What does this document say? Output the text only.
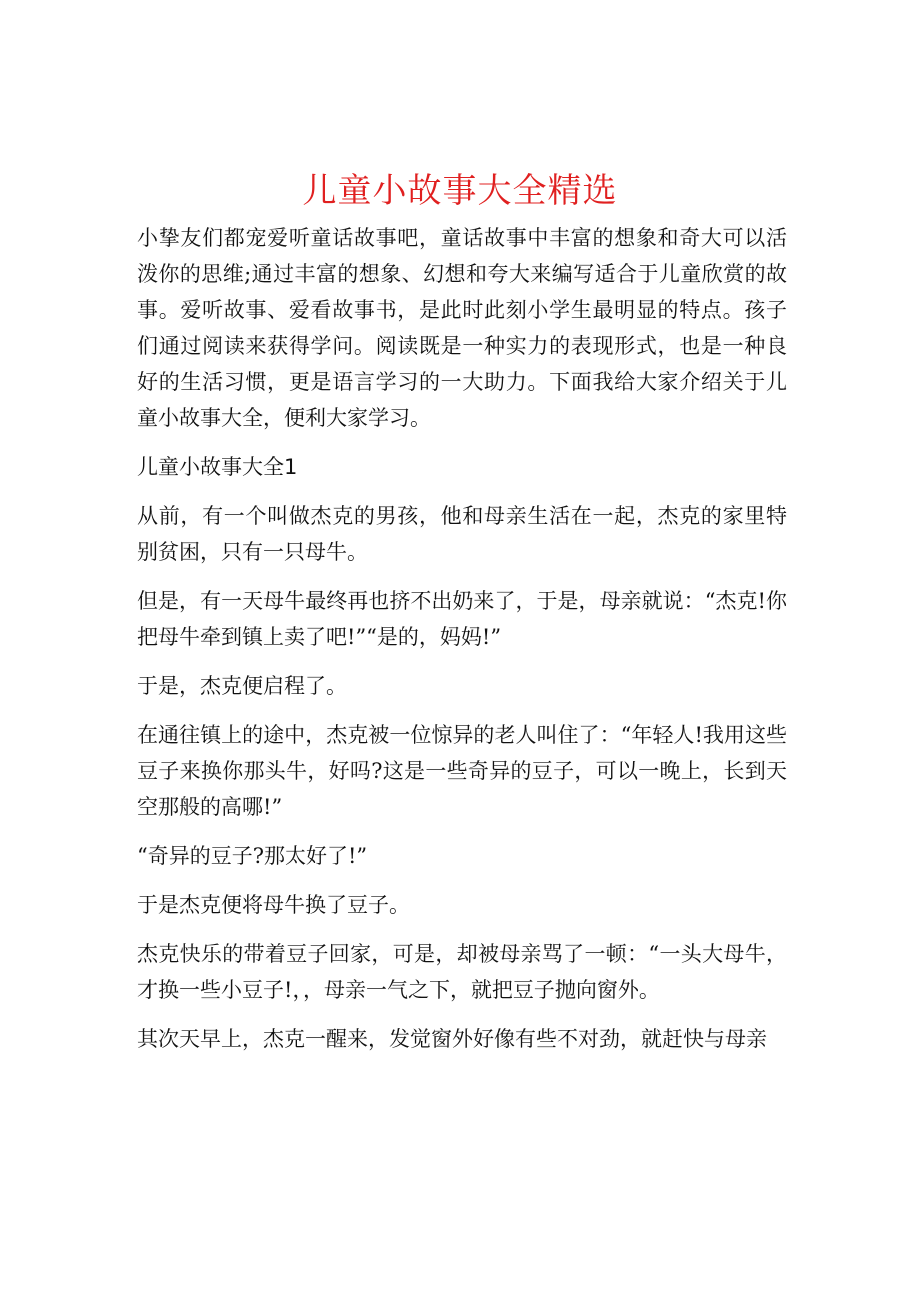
儿童小故事大全精选

小挚友们都宠爱听童话故事吧，童话故事中丰富的想象和奇大可以活泼你的思维;通过丰富的想象、幻想和夸大来编写适合于儿童欣赏的故事。爱听故事、爱看故事书，是此时此刻小学生最明显的特点。孩子们通过阅读来获得学问。阅读既是一种实力的表现形式，也是一种良好的生活习惯，更是语言学习的一大助力。下面我给大家介绍关于儿童小故事大全，便利大家学习。

儿童小故事大全1

从前，有一个叫做杰克的男孩，他和母亲生活在一起，杰克的家里特别贫困，只有一只母牛。

但是，有一天母牛最终再也挤不出奶来了，于是，母亲就说：“杰克!你把母牛牵到镇上卖了吧!”“是的，妈妈!”

于是，杰克便启程了。

在通往镇上的途中，杰克被一位惊异的老人叫住了：“年轻人!我用这些豆子来换你那头牛，好吗?这是一些奇异的豆子，可以一晚上，长到天空那般的高哪!”

“奇异的豆子?那太好了!”

于是杰克便将母牛换了豆子。

杰克快乐的带着豆子回家，可是，却被母亲骂了一顿：“一头大母牛，才换一些小豆子!，，母亲一气之下，就把豆子抛向窗外。

其次天早上，杰克一醒来，发觉窗外好像有些不对劲，就赶快与母亲
